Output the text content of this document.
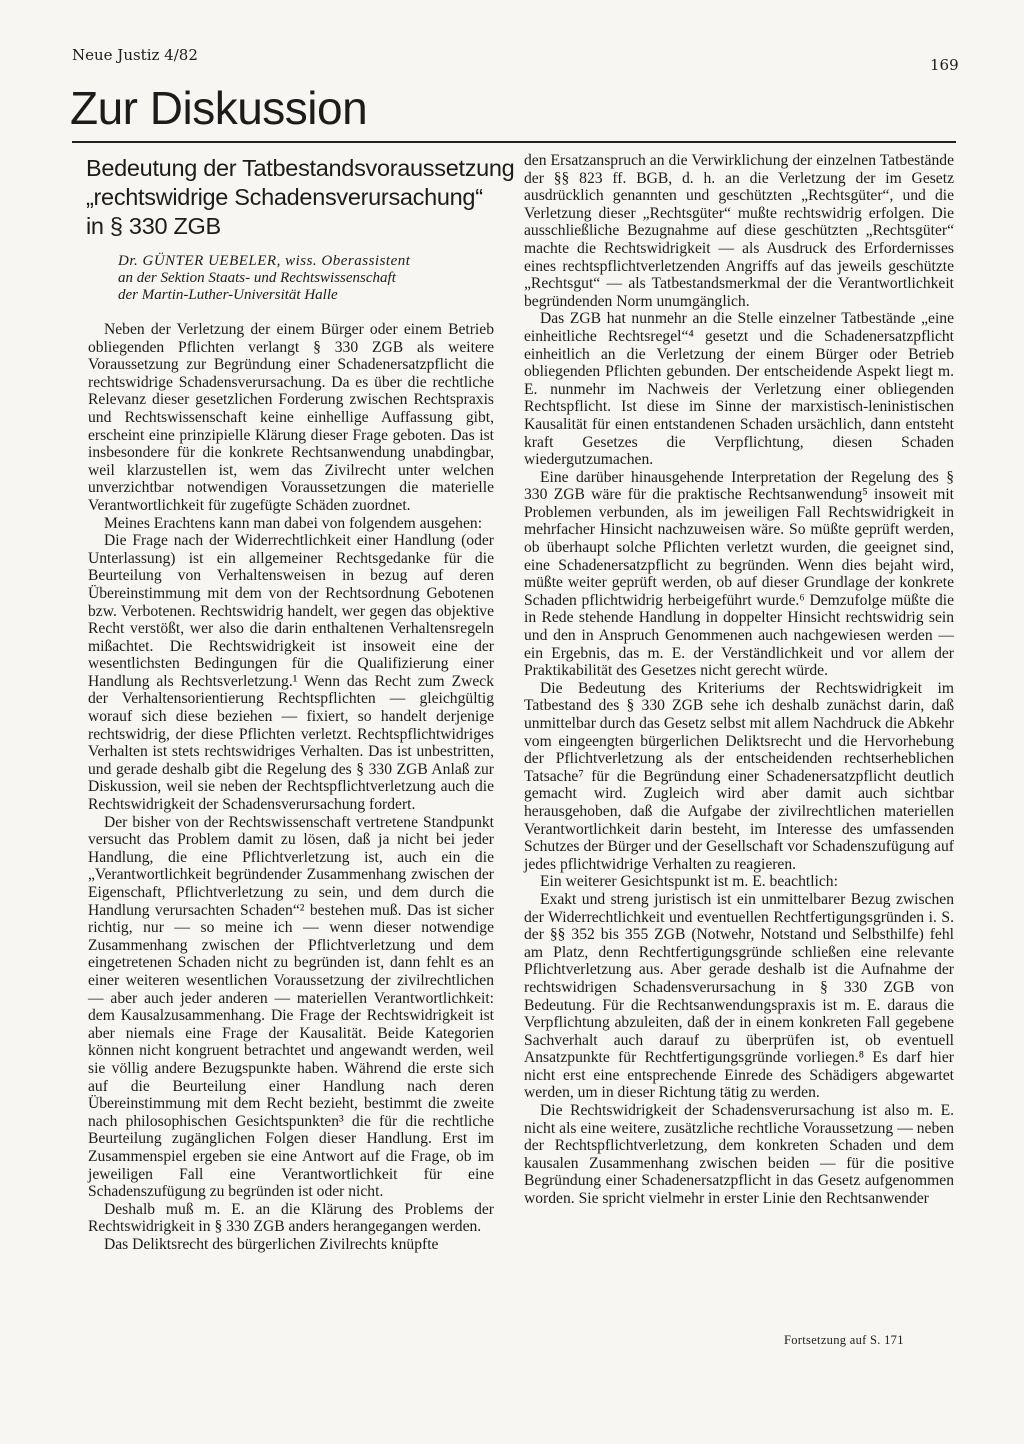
Neue Justiz 4/82
169
Zur Diskussion
Bedeutung der Tatbestandsvoraussetzung
„rechtswidrige Schadensverursachung“
in § 330 ZGB
Dr. GÜNTER UEBELER, wiss. Oberassistent
an der Sektion Staats- und Rechtswissenschaft
der Martin-Luther-Universität Halle

Neben der Verletzung der einem Bürger oder einem Betrieb obliegenden Pflichten verlangt § 330 ZGB als weitere Voraussetzung zur Begründung einer Schadenersatzpflicht die rechtswidrige Schadensverursachung. Da es über die rechtliche Relevanz dieser gesetzlichen Forderung zwischen Rechtspraxis und Rechtswissenschaft keine einhellige Auffassung gibt, erscheint eine prinzipielle Klärung dieser Frage geboten. Das ist insbesondere für die konkrete Rechtsanwendung unabdingbar, weil klarzustellen ist, wem das Zivilrecht unter welchen unverzichtbar notwendigen Voraussetzungen die materielle Verantwortlichkeit für zugefügte Schäden zuordnet.

Meines Erachtens kann man dabei von folgendem ausgehen:

Die Frage nach der Widerrechtlichkeit einer Handlung (oder Unterlassung) ist ein allgemeiner Rechtsgedanke für die Beurteilung von Verhaltensweisen in bezug auf deren Übereinstimmung mit dem von der Rechtsordnung Gebotenen bzw. Verbotenen. Rechtswidrig handelt, wer gegen das objektive Recht verstößt, wer also die darin enthaltenen Verhaltensregeln mißachtet. Die Rechtswidrigkeit ist insoweit eine der wesentlichsten Bedingungen für die Qualifizierung einer Handlung als Rechtsverletzung.¹ Wenn das Recht zum Zweck der Verhaltensorientierung Rechtspflichten — gleichgültig worauf sich diese beziehen — fixiert, so handelt derjenige rechtswidrig, der diese Pflichten verletzt. Rechtspflichtwidriges Verhalten ist stets rechtswidriges Verhalten. Das ist unbestritten, und gerade deshalb gibt die Regelung des § 330 ZGB Anlaß zur Diskussion, weil sie neben der Rechtspflichtverletzung auch die Rechtswidrigkeit der Schadensverursachung fordert.

Der bisher von der Rechtswissenschaft vertretene Standpunkt versucht das Problem damit zu lösen, daß ja nicht bei jeder Handlung, die eine Pflichtverletzung ist, auch ein die „Verantwortlichkeit begründender Zusammenhang zwischen der Eigenschaft, Pflichtverletzung zu sein, und dem durch die Handlung verursachten Schaden“² bestehen muß. Das ist sicher richtig, nur — so meine ich — wenn dieser notwendige Zusammenhang zwischen der Pflichtverletzung und dem eingetretenen Schaden nicht zu begründen ist, dann fehlt es an einer weiteren wesentlichen Voraussetzung der zivilrechtlichen — aber auch jeder anderen — materiellen Verantwortlichkeit: dem Kausalzusammenhang. Die Frage der Rechtswidrigkeit ist aber niemals eine Frage der Kausalität. Beide Kategorien können nicht kongruent betrachtet und angewandt werden, weil sie völlig andere Bezugspunkte haben. Während die erste sich auf die Beurteilung einer Handlung nach deren Übereinstimmung mit dem Recht bezieht, bestimmt die zweite nach philosophischen Gesichtspunkten³ die für die rechtliche Beurteilung zugänglichen Folgen dieser Handlung. Erst im Zusammenspiel ergeben sie eine Antwort auf die Frage, ob im jeweiligen Fall eine Verantwortlichkeit für eine Schadenszufügung zu begründen ist oder nicht.

Deshalb muß m. E. an die Klärung des Problems der Rechtswidrigkeit in § 330 ZGB anders herangegangen werden.

Das Deliktsrecht des bürgerlichen Zivilrechts knüpfte

den Ersatzanspruch an die Verwirklichung der einzelnen Tatbestände der §§ 823 ff. BGB, d. h. an die Verletzung der im Gesetz ausdrücklich genannten und geschützten „Rechtsgüter“, und die Verletzung dieser „Rechtsgüter“ mußte rechtswidrig erfolgen. Die ausschließliche Bezugnahme auf diese geschützten „Rechtsgüter“ machte die Rechtswidrigkeit — als Ausdruck des Erfordernisses eines rechtspflichtverletzenden Angriffs auf das jeweils geschützte „Rechtsgut“ — als Tatbestandsmerkmal der die Verantwortlichkeit begründenden Norm unumgänglich.

Das ZGB hat nunmehr an die Stelle einzelner Tatbestände „eine einheitliche Rechtsregel“⁴ gesetzt und die Schadenersatzpflicht einheitlich an die Verletzung der einem Bürger oder Betrieb obliegenden Pflichten gebunden. Der entscheidende Aspekt liegt m. E. nunmehr im Nachweis der Verletzung einer obliegenden Rechtspflicht. Ist diese im Sinne der marxistisch-leninistischen Kausalität für einen entstandenen Schaden ursächlich, dann entsteht kraft Gesetzes die Verpflichtung, diesen Schaden wiedergutzumachen.

Eine darüber hinausgehende Interpretation der Regelung des § 330 ZGB wäre für die praktische Rechtsanwendung⁵ insoweit mit Problemen verbunden, als im jeweiligen Fall Rechtswidrigkeit in mehrfacher Hinsicht nachzuweisen wäre. So müßte geprüft werden, ob überhaupt solche Pflichten verletzt wurden, die geeignet sind, eine Schadenersatzpflicht zu begründen. Wenn dies bejaht wird, müßte weiter geprüft werden, ob auf dieser Grundlage der konkrete Schaden pflichtwidrig herbeigeführt wurde.⁶ Demzufolge müßte die in Rede stehende Handlung in doppelter Hinsicht rechtswidrig sein und den in Anspruch Genommenen auch nachgewiesen werden — ein Ergebnis, das m. E. der Verständlichkeit und vor allem der Praktikabilität des Gesetzes nicht gerecht würde.

Die Bedeutung des Kriteriums der Rechtswidrigkeit im Tatbestand des § 330 ZGB sehe ich deshalb zunächst darin, daß unmittelbar durch das Gesetz selbst mit allem Nachdruck die Abkehr vom eingeengten bürgerlichen Deliktsrecht und die Hervorhebung der Pflichtverletzung als der entscheidenden rechtserheblichen Tatsache⁷ für die Begründung einer Schadenersatzpflicht deutlich gemacht wird. Zugleich wird aber damit auch sichtbar herausgehoben, daß die Aufgabe der zivilrechtlichen materiellen Verantwortlichkeit darin besteht, im Interesse des umfassenden Schutzes der Bürger und der Gesellschaft vor Schadenszufügung auf jedes pflichtwidrige Verhalten zu reagieren.

Ein weiterer Gesichtspunkt ist m. E. beachtlich:

Exakt und streng juristisch ist ein unmittelbarer Bezug zwischen der Widerrechtlichkeit und eventuellen Rechtfertigungsgründen i. S. der §§ 352 bis 355 ZGB (Notwehr, Notstand und Selbsthilfe) fehl am Platz, denn Rechtfertigungsgründe schließen eine relevante Pflichtverletzung aus. Aber gerade deshalb ist die Aufnahme der rechtswidrigen Schadensverursachung in § 330 ZGB von Bedeutung. Für die Rechtsanwendungspraxis ist m. E. daraus die Verpflichtung abzuleiten, daß der in einem konkreten Fall gegebene Sachverhalt auch darauf zu überprüfen ist, ob eventuell Ansatzpunkte für Rechtfertigungsgründe vorliegen.⁸ Es darf hier nicht erst eine entsprechende Einrede des Schädigers abgewartet werden, um in dieser Richtung tätig zu werden.

Die Rechtswidrigkeit der Schadensverursachung ist also m. E. nicht als eine weitere, zusätzliche rechtliche Voraussetzung — neben der Rechtspflichtverletzung, dem konkreten Schaden und dem kausalen Zusammenhang zwischen beiden — für die positive Begründung einer Schadenersatzpflicht in das Gesetz aufgenommen worden. Sie spricht vielmehr in erster Linie den Rechtsanwender

Fortsetzung auf S. 171
